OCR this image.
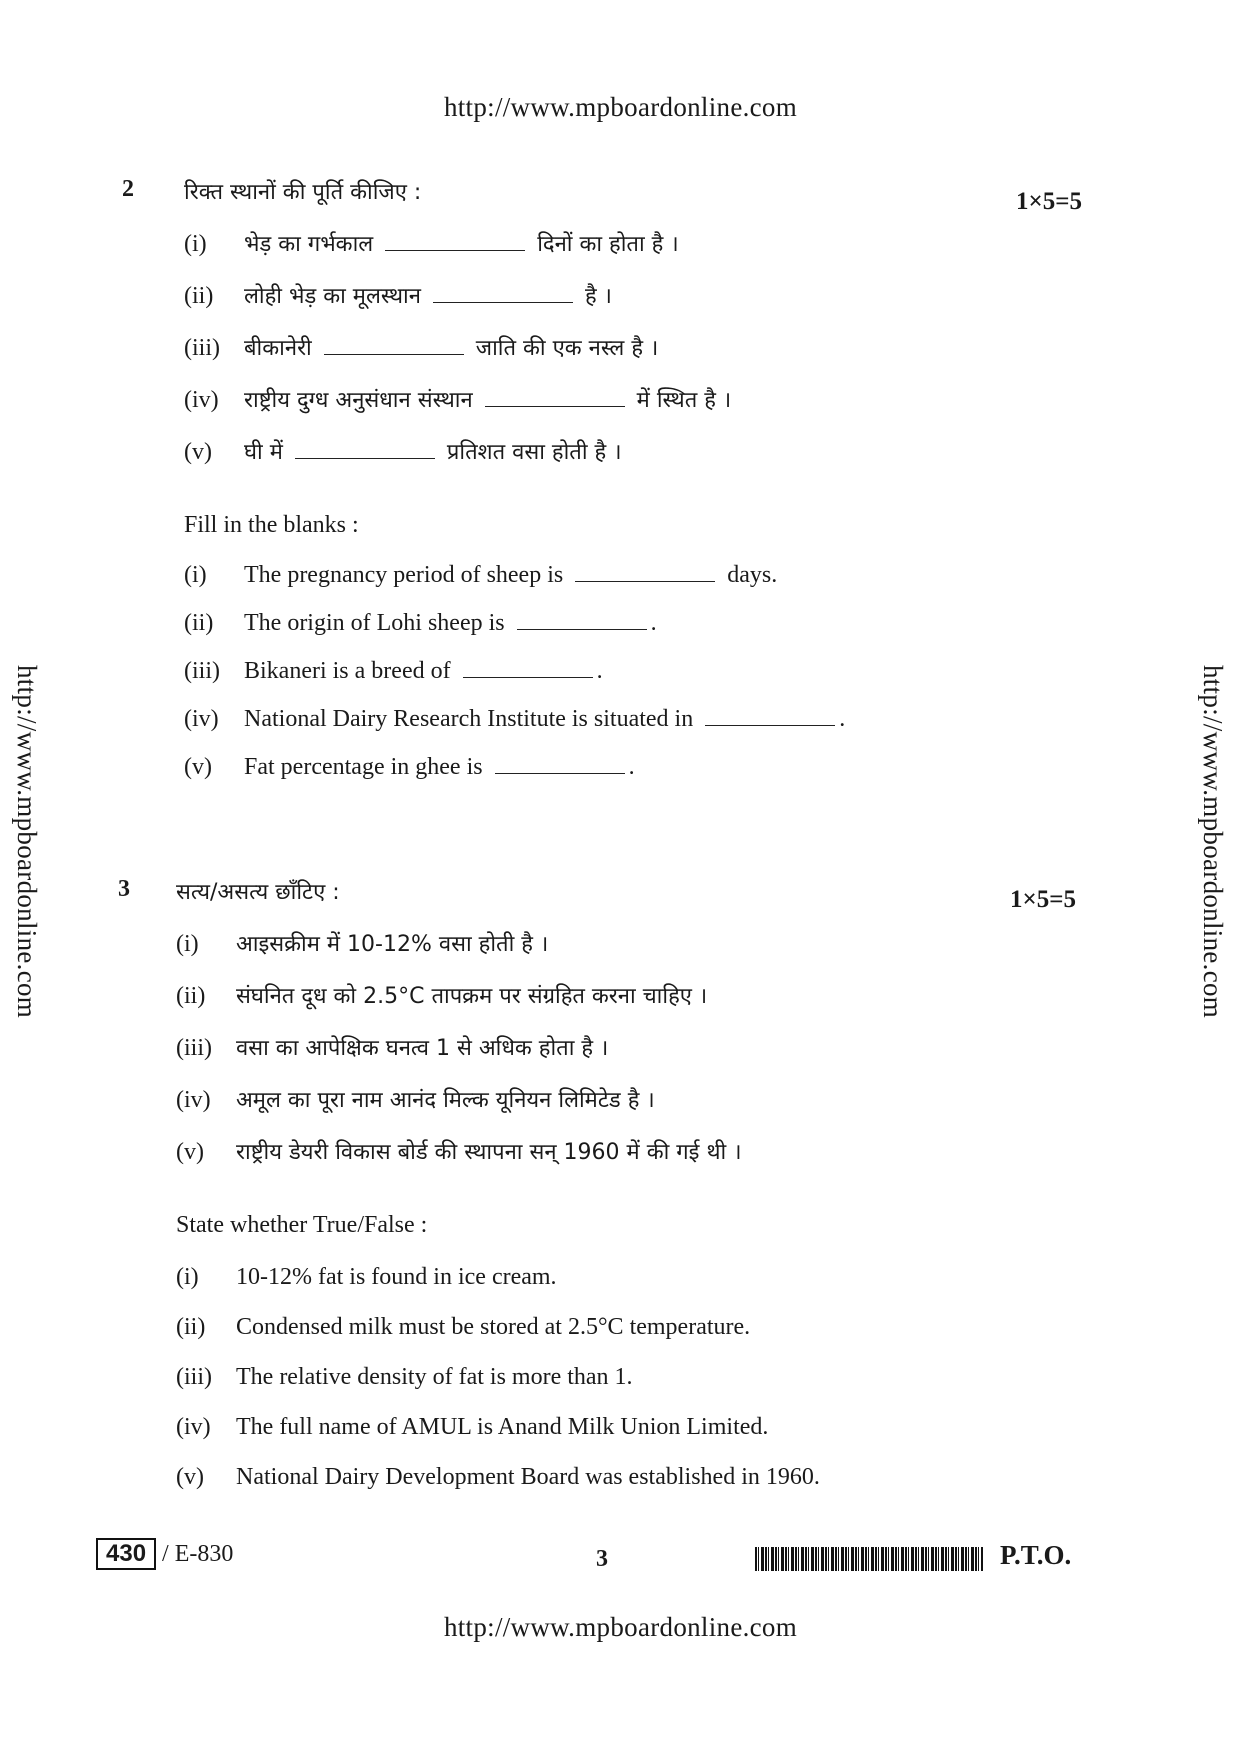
http://www.mpboardonline.com
http://www.mpboardonline.com	http://www.mpboardonline.com
2 रिक्त स्थानों की पूर्ति कीजिए :	1×5=5
(i) भेड़ का गर्भकाल	दिनों का होता है ।
(ii) लोही भेड़ का मूलस्थान	है ।
(iii) बीकानेरी	जाति की एक नस्ल है ।
(iv) राष्ट्रीय दुग्ध अनुसंधान संस्थान	में स्थित है ।
(v) घी में	प्रतिशत वसा होती है ।
Fill in the blanks :
(i) The pregnancy period of sheep is	days.
(ii) The origin of Lohi sheep is	.
(iii) Bikaneri is a breed of	.
(iv) National Dairy Research Institute is situated in	.
(v) Fat percentage in ghee is	.
3 सत्य/असत्य छाँटिए :	1×5=5
(i) आइसक्रीम में 10-12% वसा होती है ।
(ii) संघनित दूध को 2.5°C तापक्रम पर संग्रहित करना चाहिए ।
(iii) वसा का आपेक्षिक घनत्व 1 से अधिक होता है ।
(iv) अमूल का पूरा नाम आनंद मिल्क यूनियन लिमिटेड है ।
(v) राष्ट्रीय डेयरी विकास बोर्ड की स्थापना सन् 1960 में की गई थी ।
State whether True/False :
(i) 10-12% fat is found in ice cream.
(ii) Condensed milk must be stored at 2.5°C temperature.
(iii) The relative density of fat is more than 1.
(iv) The full name of AMUL is Anand Milk Union Limited.
(v) National Dairy Development Board was established in 1960.
430 / E-830	3	P.T.O.
http://www.mpboardonline.com
